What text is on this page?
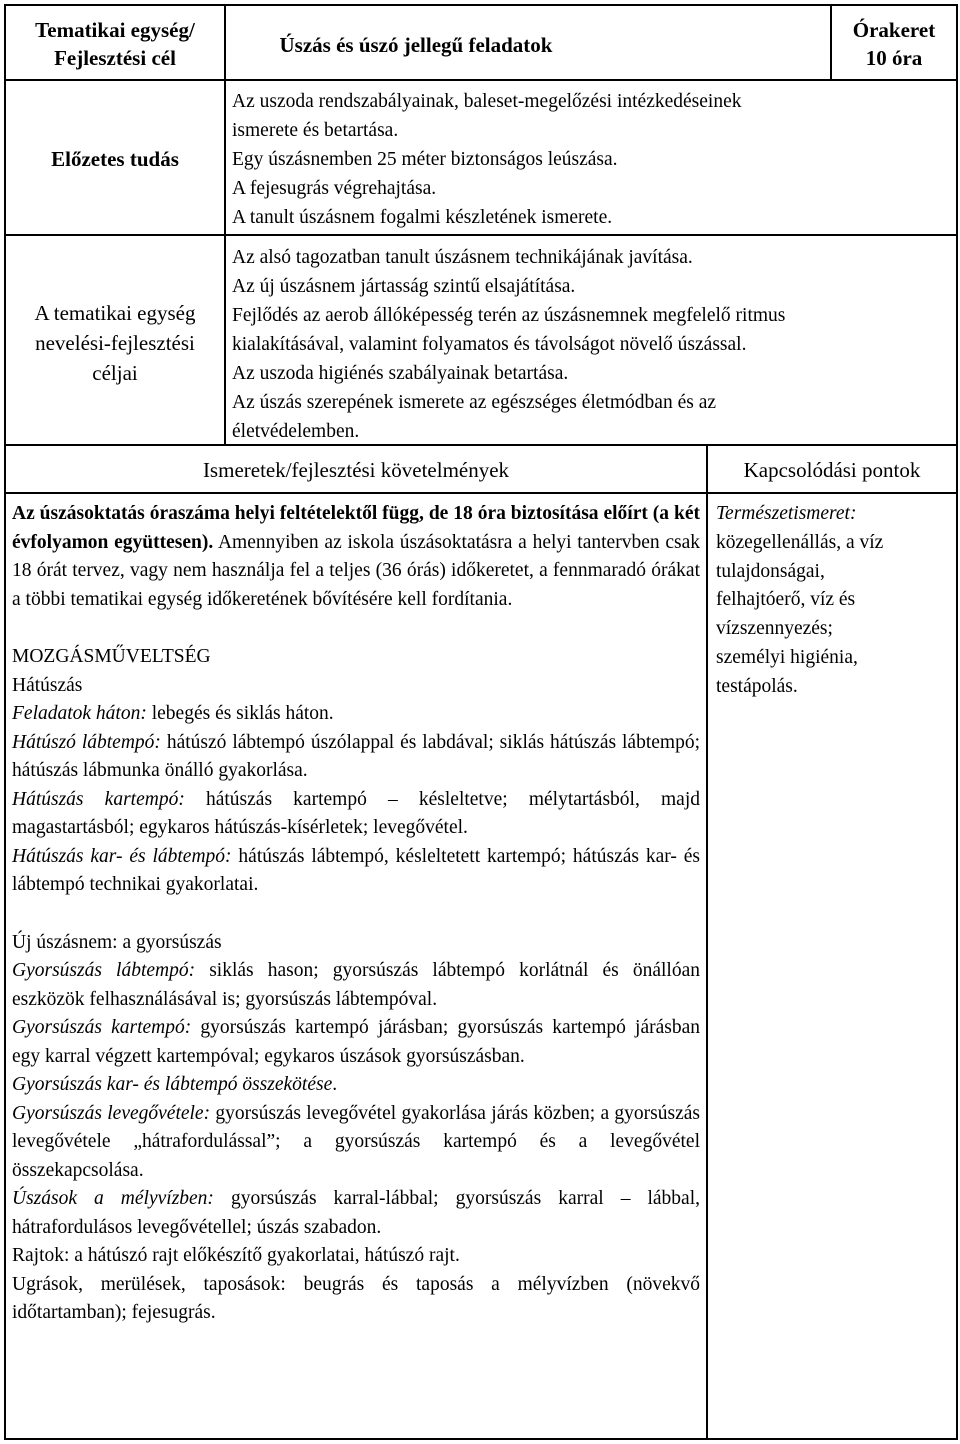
Tematikai egység/
Fejlesztési cél
Úszás és úszó jellegű feladatok
Órakeret
10 óra
Előzetes tudás
Az uszoda rendszabályainak, baleset-megelőzési intézkedéseinek
ismerete és betartása.
Egy úszásnemben 25 méter biztonságos leúszása.
A fejesugrás végrehajtása.
A tanult úszásnem fogalmi készletének ismerete.
A tematikai egység
nevelési-fejlesztési
céljai
Az alsó tagozatban tanult úszásnem technikájának javítása.
Az új úszásnem jártasság szintű elsajátítása.
Fejlődés az aerob állóképesség terén az úszásnemnek megfelelő ritmus
kialakításával, valamint folyamatos és távolságot növelő úszással.
Az uszoda higiénés szabályainak betartása.
Az úszás szerepének ismerete az egészséges életmódban és az
életvédelemben.
Ismeretek/fejlesztési követelmények	Kapcsolódási pontok
Az úszásoktatás óraszáma helyi feltételektől függ, de 18 óra biztosítása előírt (a két évfolyamon együttesen). Amennyiben az iskola úszásoktatásra a helyi tantervben csak 18 órát tervez, vagy nem használja fel a teljes (36 órás) időkeretet, a fennmaradó órákat a többi tematikai egység időkeretének bővítésére kell fordítania.
MOZGÁSMŰVELTSÉG
Hátúszás
Feladatok háton: lebegés és siklás háton.
Hátúszó lábtempó: hátúszó lábtempó úszólappal és labdával; siklás hátúszás lábtempó; hátúszás lábmunka önálló gyakorlása.
Hátúszás kartempó: hátúszás kartempó – késleltetve; mélytartásból, majd magastartásból; egykaros hátúszás-kísérletek; levegővétel.
Hátúszás kar- és lábtempó: hátúszás lábtempó, késleltetett kartempó; hátúszás kar- és lábtempó technikai gyakorlatai.
Új úszásnem: a gyorsúszás
Gyorsúszás lábtempó: siklás hason; gyorsúszás lábtempó korlátnál és önállóan eszközök felhasználásával is; gyorsúszás lábtempóval.
Gyorsúszás kartempó: gyorsúszás kartempó járásban; gyorsúszás kartempó járásban egy karral végzett kartempóval; egykaros úszások gyorsúszásban.
Gyorsúszás kar- és lábtempó összekötése.
Gyorsúszás levegővétele: gyorsúszás levegővétel gyakorlása járás közben; a gyorsúszás levegővétele „hátrafordulással”; a gyorsúszás kartempó és a levegővétel összekapcsolása.
Úszások a mélyvízben: gyorsúszás karral-lábbal; gyorsúszás karral – lábbal, hátrafordulásos levegővétellel; úszás szabadon.
Rajtok: a hátúszó rajt előkészítő gyakorlatai, hátúszó rajt.
Ugrások, merülések, taposások: beugrás és taposás a mélyvízben (növekvő időtartamban); fejesugrás.
Természetismeret:
közegellenállás, a víz
tulajdonságai,
felhajtóerő, víz és
vízszennyezés;
személyi higiénia,
testápolás.
